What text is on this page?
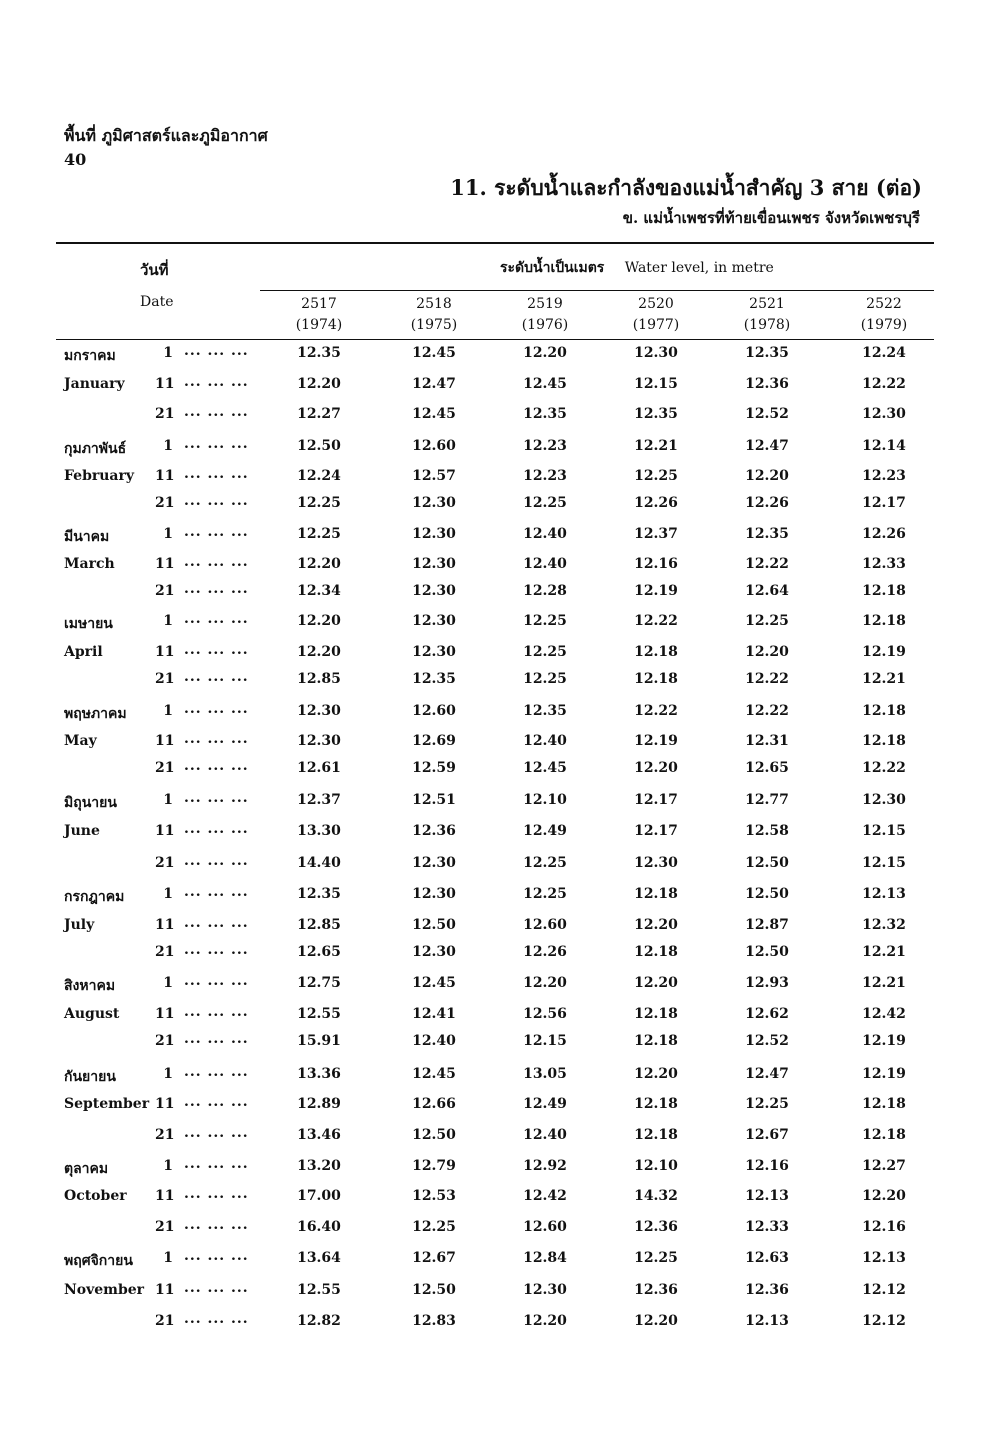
พื้นที่ ภูมิศาสตร์และภูมิอากาศ
40
11. ระดับน้ำและกำลังของแม่น้ำสำคัญ 3 สาย (ต่อ)
ข. แม่น้ำเพชรที่ท้ายเขื่อนเพชร จังหวัดเพชรบุรี
วันที่
Date
ระดับน้ำเป็นเมตร Water level, in metre
2517
(1974)
2518
(1975)
2519
(1976)
2520
(1977)
2521
(1978)
2522
(1979)
มกราคม	1 ... ... ...	12.35	12.45	12.20	12.30	12.35	12.24
January 11 ... ... ...	12.20	12.47	12.45	12.15	12.36	12.22
21 ... ... ...	12.27	12.45	12.35	12.35	12.52	12.30
กุมภาพันธ์	1 ... ... ...	12.50	12.60	12.23	12.21	12.47	12.14
February 11 ... ... ...	12.24	12.57	12.23	12.25	12.20	12.23
21 ... ... ...	12.25	12.30	12.25	12.26	12.26	12.17
มีนาคม	1 ... ... ...	12.25	12.30	12.40	12.37	12.35	12.26
March	11 ... ... ...	12.20	12.30	12.40	12.16	12.22	12.33
21 ... ... ...	12.34	12.30	12.28	12.19	12.64	12.18
เมษายน	1 ... ... ...	12.20	12.30	12.25	12.22	12.25	12.18
April	11 ... ... ...	12.20	12.30	12.25	12.18	12.20	12.19
21 ... ... ...	12.85	12.35	12.25	12.18	12.22	12.21
พฤษภาคม	1 ... ... ...	12.30	12.60	12.35	12.22	12.22	12.18
May	11 ... ... ...	12.30	12.69	12.40	12.19	12.31	12.18
21 ... ... ...	12.61	12.59	12.45	12.20	12.65	12.22
มิถุนายน	1 ... ... ...	12.37	12.51	12.10	12.17	12.77	12.30
June	11 ... ... ...	13.30	12.36	12.49	12.17	12.58	12.15
21 ... ... ...	14.40	12.30	12.25	12.30	12.50	12.15
กรกฎาคม	1 ... ... ...	12.35	12.30	12.25	12.18	12.50	12.13
July	11 ... ... ...	12.85	12.50	12.60	12.20	12.87	12.32
21 ... ... ...	12.65	12.30	12.26	12.18	12.50	12.21
สิงหาคม	1 ... ... ...	12.75	12.45	12.20	12.20	12.93	12.21
August	11 ... ... ...	12.55	12.41	12.56	12.18	12.62	12.42
21 ... ... ...	15.91	12.40	12.15	12.18	12.52	12.19
กันยายน	1 ... ... ...	13.36	12.45	13.05	12.20	12.47	12.19
September 11 ... ... ...	12.89	12.66	12.49	12.18	12.25	12.18
21 ... ... ...	13.46	12.50	12.40	12.18	12.67	12.18
ตุลาคม	1 ... ... ...	13.20	12.79	12.92	12.10	12.16	12.27
October 11 ... ... ...	17.00	12.53	12.42	14.32	12.13	12.20
21 ... ... ...	16.40	12.25	12.60	12.36	12.33	12.16
พฤศจิกายน	1 ... ... ...	13.64	12.67	12.84	12.25	12.63	12.13
November 11 ... ... ...	12.55	12.50	12.30	12.36	12.36	12.12
21 ... ... ...	12.82	12.83	12.20	12.20	12.13	12.12
